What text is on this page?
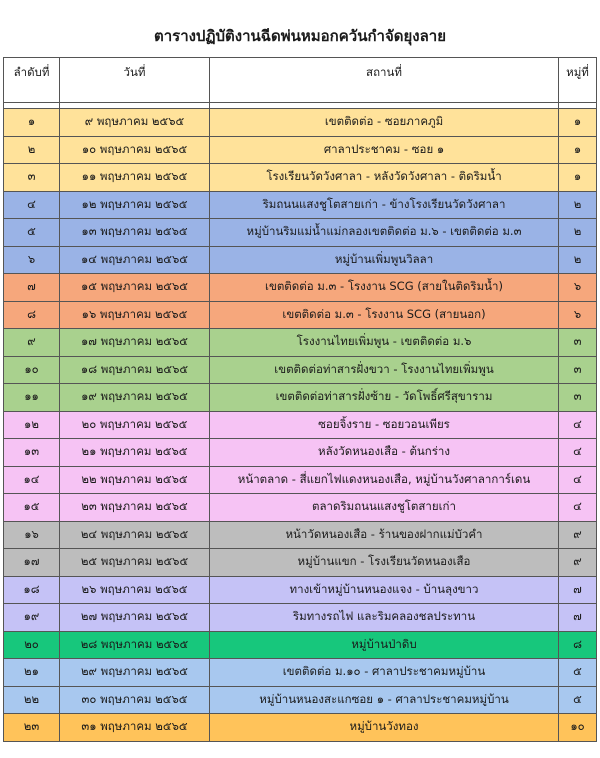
ตารางปฏิบัติงานฉีดพ่นหมอกควันกำจัดยุงลาย
ลำดับที่	วันที่	สถานที่	หมู่ที่

๑	๙ พฤษภาคม ๒๕๖๕	เขตติดต่อ - ซอยภาคภูมิ	๑
๒	๑๐ พฤษภาคม ๒๕๖๕	ศาลาประชาคม - ซอย ๑	๑
๓	๑๑ พฤษภาคม ๒๕๖๕	โรงเรียนวัดวังศาลา - หลังวัดวังศาลา - ติดริมน้ำ	๑
๔	๑๒ พฤษภาคม ๒๕๖๕	ริมถนนแสงชูโตสายเก่า - ข้างโรงเรียนวัดวังศาลา	๒
๕	๑๓ พฤษภาคม ๒๕๖๕	หมู่บ้านริมแม่น้ำแม่กลองเขตติดต่อ ม.๖ - เขตติดต่อ ม.๓	๒
๖	๑๔ พฤษภาคม ๒๕๖๕	หมู่บ้านเพิ่มพูนวิลลา	๒
๗	๑๕ พฤษภาคม ๒๕๖๕	เขตติดต่อ ม.๓ - โรงงาน SCG (สายในติดริมน้ำ)	๖
๘	๑๖ พฤษภาคม ๒๕๖๕	เขตติดต่อ ม.๓ - โรงงาน SCG (สายนอก)	๖
๙	๑๗ พฤษภาคม ๒๕๖๕	โรงงานไทยเพิ่มพูน - เขตติดต่อ ม.๖	๓
๑๐	๑๘ พฤษภาคม ๒๕๖๕	เขตติดต่อท่าสารฝั่งขวา - โรงงานไทยเพิ่มพูน	๓
๑๑	๑๙ พฤษภาคม ๒๕๖๕	เขตติดต่อท่าสารฝั่งซ้าย - วัดโพธิ์ศรีสุขาราม	๓
๑๒	๒๐ พฤษภาคม ๒๕๖๕	ซอยจิ้งราย - ซอยวอนเพียร	๔
๑๓	๒๑ พฤษภาคม ๒๕๖๕	หลังวัดหนองเสือ - ต้นกร่าง	๔
๑๔	๒๒ พฤษภาคม ๒๕๖๕	หน้าตลาด - สี่แยกไฟแดงหนองเสือ, หมู่บ้านวังศาลาการ์เดน	๔
๑๕	๒๓ พฤษภาคม ๒๕๖๕	ตลาดริมถนนแสงชูโตสายเก่า	๔
๑๖	๒๔ พฤษภาคม ๒๕๖๕	หน้าวัดหนองเสือ - ร้านของฝากแม่บัวคำ	๙
๑๗	๒๕ พฤษภาคม ๒๕๖๕	หมู่บ้านแขก - โรงเรียนวัดหนองเสือ	๙
๑๘	๒๖ พฤษภาคม ๒๕๖๕	ทางเข้าหมู่บ้านหนองแจง - บ้านลุงขาว	๗
๑๙	๒๗ พฤษภาคม ๒๕๖๕	ริมทางรถไฟ และริมคลองชลประทาน	๗
๒๐	๒๘ พฤษภาคม ๒๕๖๕	หมู่บ้านป่าดิบ	๘
๒๑	๒๙ พฤษภาคม ๒๕๖๕	เขตติดต่อ ม.๑๐ - ศาลาประชาคมหมู่บ้าน	๕
๒๒	๓๐ พฤษภาคม ๒๕๖๕	หมู่บ้านหนองสะแกซอย ๑ - ศาลาประชาคมหมู่บ้าน	๕
๒๓	๓๑ พฤษภาคม ๒๕๖๕	หมู่บ้านวังทอง	๑๐
